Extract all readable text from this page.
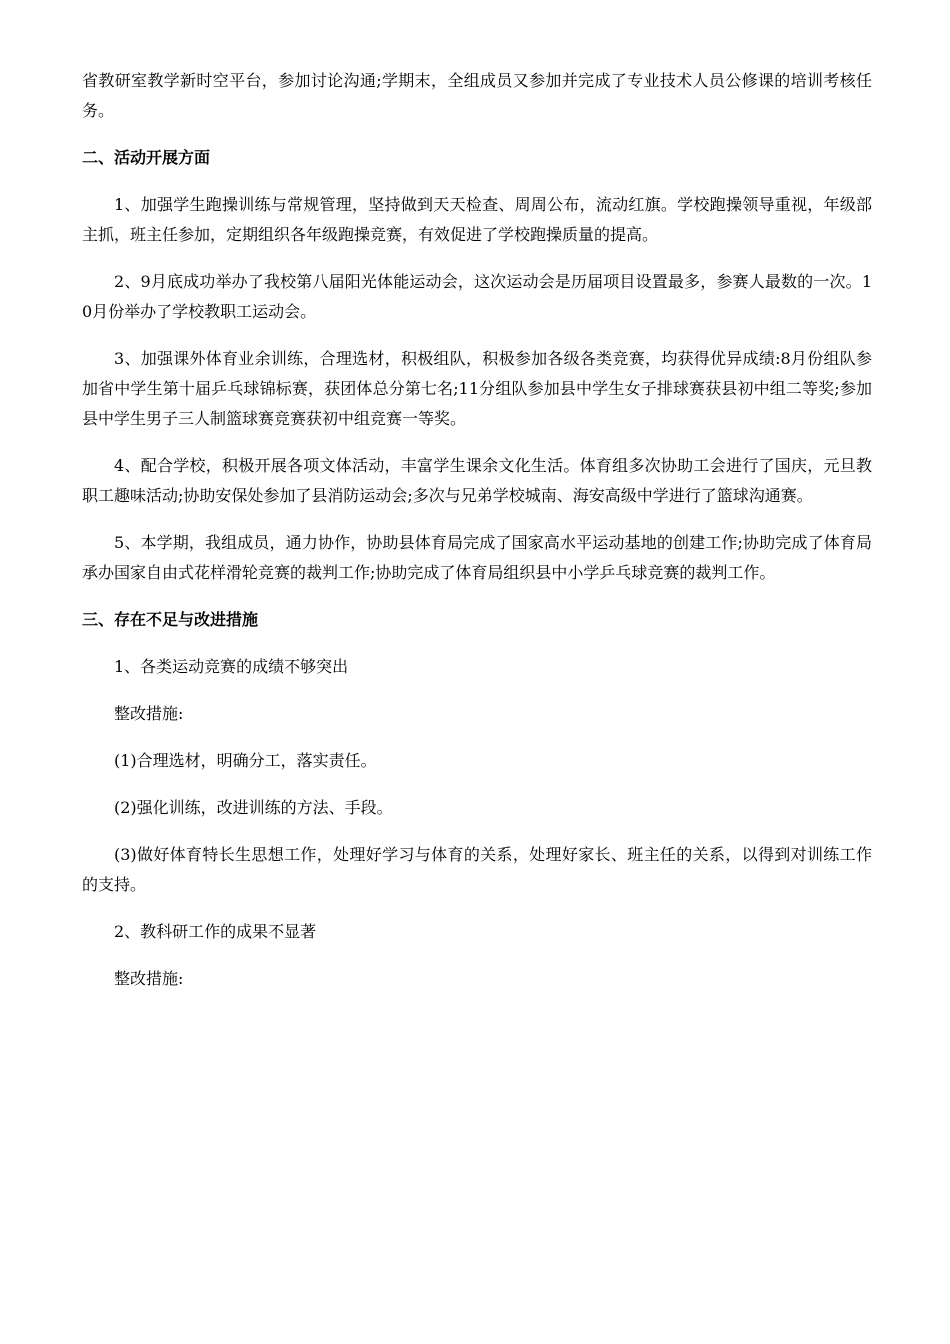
省教研室教学新时空平台，参加讨论沟通;学期末，全组成员又参加并完成了专业技术人员公修课的培训考核任务。

二、活动开展方面

1、加强学生跑操训练与常规管理，坚持做到天天检查、周周公布，流动红旗。学校跑操领导重视，年级部主抓，班主任参加，定期组织各年级跑操竞赛，有效促进了学校跑操质量的提高。

2、9月底成功举办了我校第八届阳光体能运动会，这次运动会是历届项目设置最多，参赛人最数的一次。10月份举办了学校教职工运动会。

3、加强课外体育业余训练，合理选材，积极组队，积极参加各级各类竞赛，均获得优异成绩:8月份组队参加省中学生第十届乒乓球锦标赛，获团体总分第七名;11分组队参加县中学生女子排球赛获县初中组二等奖;参加县中学生男子三人制篮球赛竞赛获初中组竞赛一等奖。

4、配合学校，积极开展各项文体活动，丰富学生课余文化生活。体育组多次协助工会进行了国庆，元旦教职工趣味活动;协助安保处参加了县消防运动会;多次与兄弟学校城南、海安高级中学进行了篮球沟通赛。

5、本学期，我组成员，通力协作，协助县体育局完成了国家高水平运动基地的创建工作;协助完成了体育局承办国家自由式花样滑轮竞赛的裁判工作;协助完成了体育局组织县中小学乒乓球竞赛的裁判工作。

三、存在不足与改进措施

1、各类运动竞赛的成绩不够突出

整改措施:

(1)合理选材，明确分工，落实责任。

(2)强化训练，改进训练的方法、手段。

(3)做好体育特长生思想工作，处理好学习与体育的关系，处理好家长、班主任的关系，以得到对训练工作的支持。

2、教科研工作的成果不显著

整改措施:
